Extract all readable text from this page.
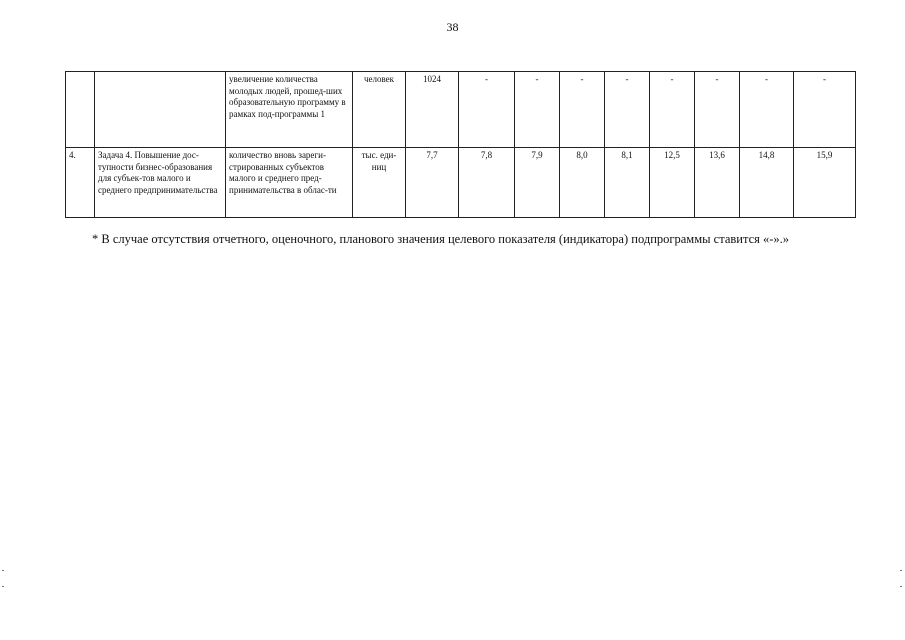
38
		увеличение количества молодых людей, прошед-ших образовательную программу в рамках под-программы 1	человек	1024	-	-	-	-	-	-	-	-
4.	Задача 4. Повышение дос-тупности бизнес-образования для субъек-тов малого и среднего предпринимательства	количество вновь зареги-стрированных субъектов малого и среднего пред-принимательства в облас-ти	тыс. еди-ниц	7,7	7,8	7,9	8,0	8,1	12,5	13,6	14,8	15,9
* В случае отсутствия отчетного, оценочного, планового значения целевого показателя (индикатора) подпрограммы ставится «-».»
